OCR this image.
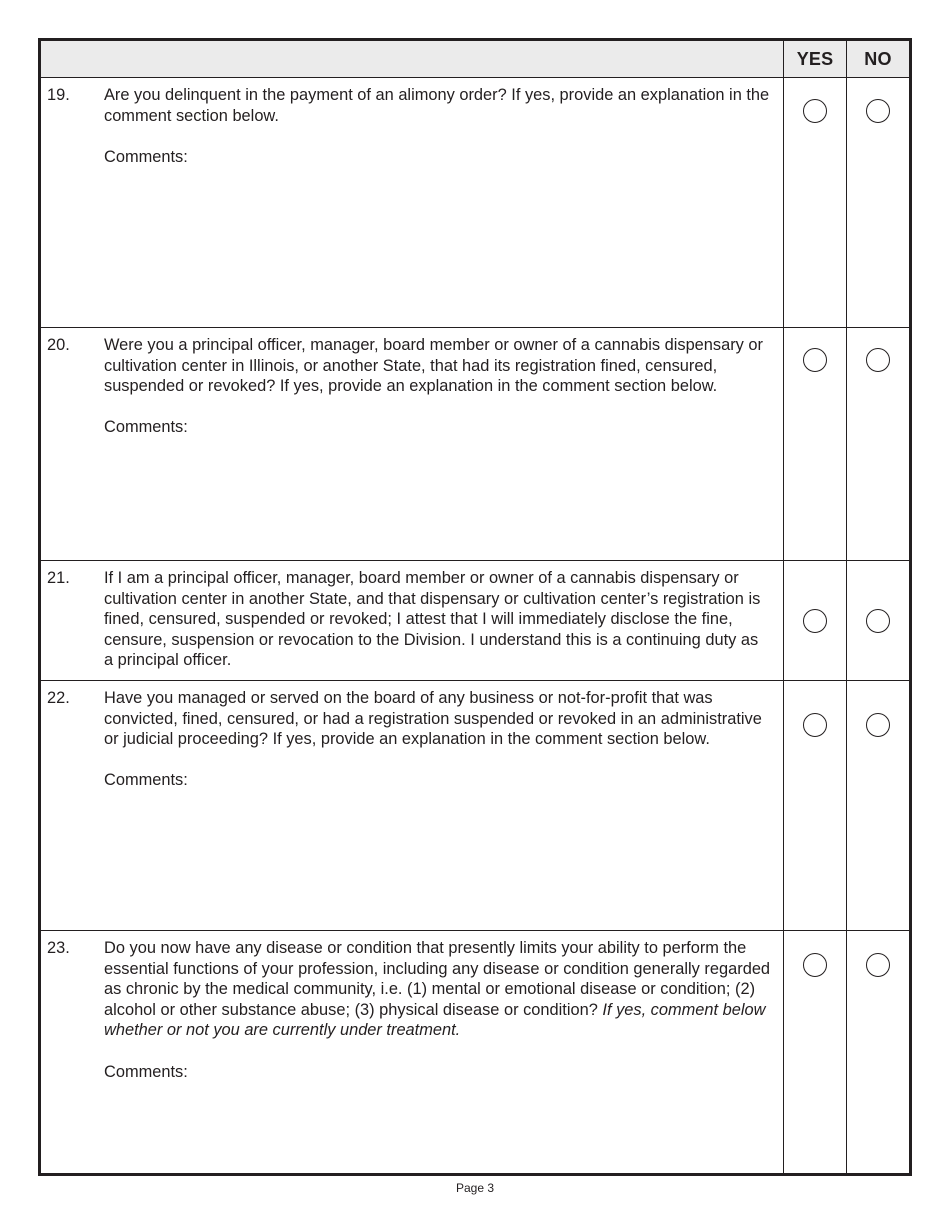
YES	NO
19.	Are you delinquent in the payment of an alimony order? If yes, provide an explanation in the comment section below.
Comments:
20.	Were you a principal officer, manager, board member or owner of a cannabis dispensary or cultivation center in Illinois, or another State, that had its registration fined, censured, suspended or revoked? If yes, provide an explanation in the comment section below.
Comments:
21.	If I am a principal officer, manager, board member or owner of a cannabis dispensary or cultivation center in another State, and that dispensary or cultivation center’s registration is fined, censured, suspended or revoked; I attest that I will immediately disclose the fine, censure, suspension or revocation to the Division. I understand this is a continuing duty as a principal officer.
22.	Have you managed or served on the board of any business or not-for-profit that was convicted, fined, censured, or had a registration suspended or revoked in an administrative or judicial proceeding? If yes, provide an explanation in the comment section below.
Comments:
23.	Do you now have any disease or condition that presently limits your ability to perform the essential functions of your profession, including any disease or condition generally regarded as chronic by the medical community, i.e. (1) mental or emotional disease or condition; (2) alcohol or other substance abuse; (3) physical disease or condition? If yes, comment below whether or not you are currently under treatment.
Comments:
Page 3
